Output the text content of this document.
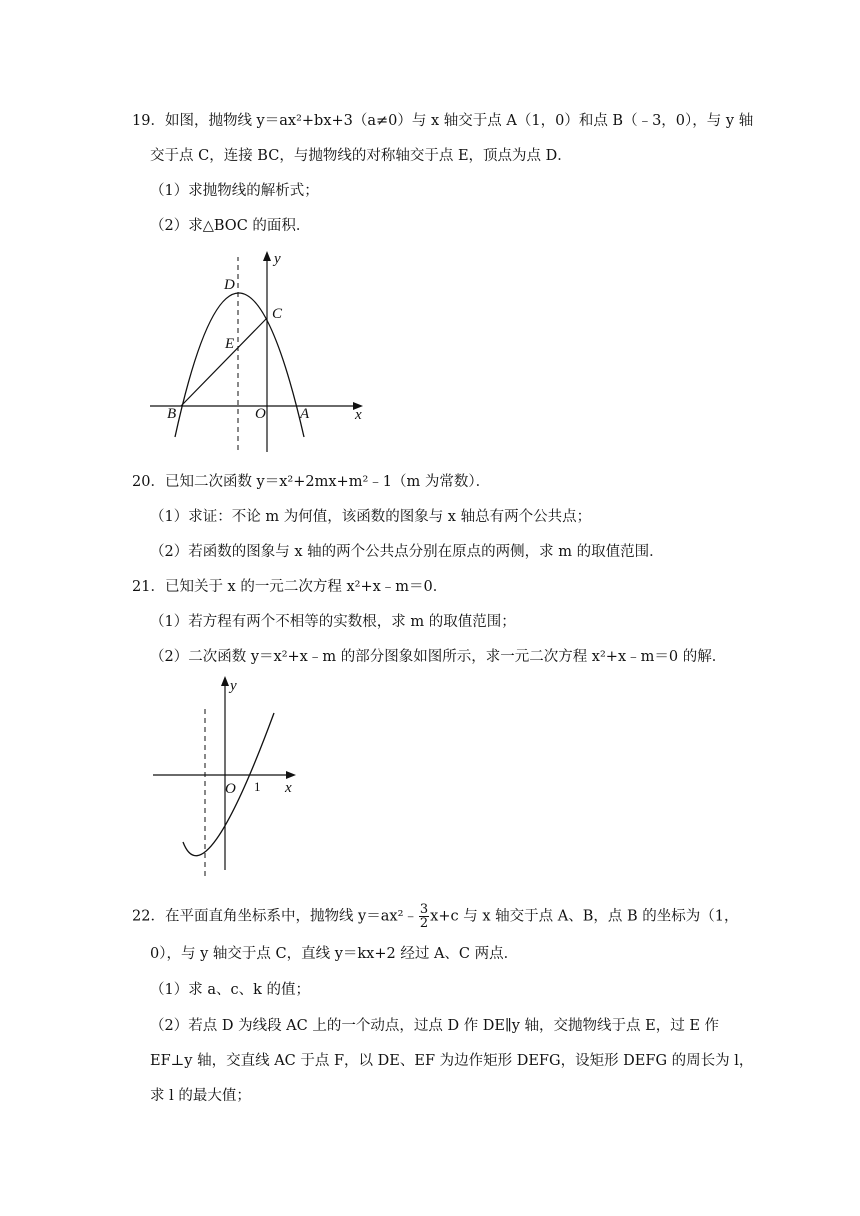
19．如图，抛物线 y＝ax²+bx+3（a≠0）与 x 轴交于点 A（1，0）和点 B（﹣3，0），与 y 轴
交于点 C，连接 BC，与抛物线的对称轴交于点 E，顶点为点 D．
（1）求抛物线的解析式；
（2）求△BOC 的面积．
y
x
D
C
E
B	O A
20．已知二次函数 y＝x²+2mx+m²﹣1（m 为常数）．
（1）求证：不论 m 为何值，该函数的图象与 x 轴总有两个公共点；
（2）若函数的图象与 x 轴的两个公共点分别在原点的两侧，求 m 的取值范围．
21．已知关于 x 的一元二次方程 x²+x﹣m＝0．
（1）若方程有两个不相等的实数根，求 m 的取值范围；
（2）二次函数 y＝x²+x﹣m 的部分图象如图所示，求一元二次方程 x²+x﹣m＝0 的解．
y
x
O 1
22．在平面直角坐标系中，抛物线 y＝ax²﹣ $\frac{3}{2} x+c$ 与 x 轴交于点 A、B，点 B 的坐标为（1，
0），与 y 轴交于点 C，直线 y＝kx+2 经过 A、C 两点．
（1）求 a、c、k 的值；
（2）若点 D 为线段 AC 上的一个动点，过点 D 作 DE∥y 轴，交抛物线于点 E，过 E 作
EF⊥y 轴，交直线 AC 于点 F，以 DE、EF 为边作矩形 DEFG，设矩形 DEFG 的周长为 l，
求 l 的最大值；
